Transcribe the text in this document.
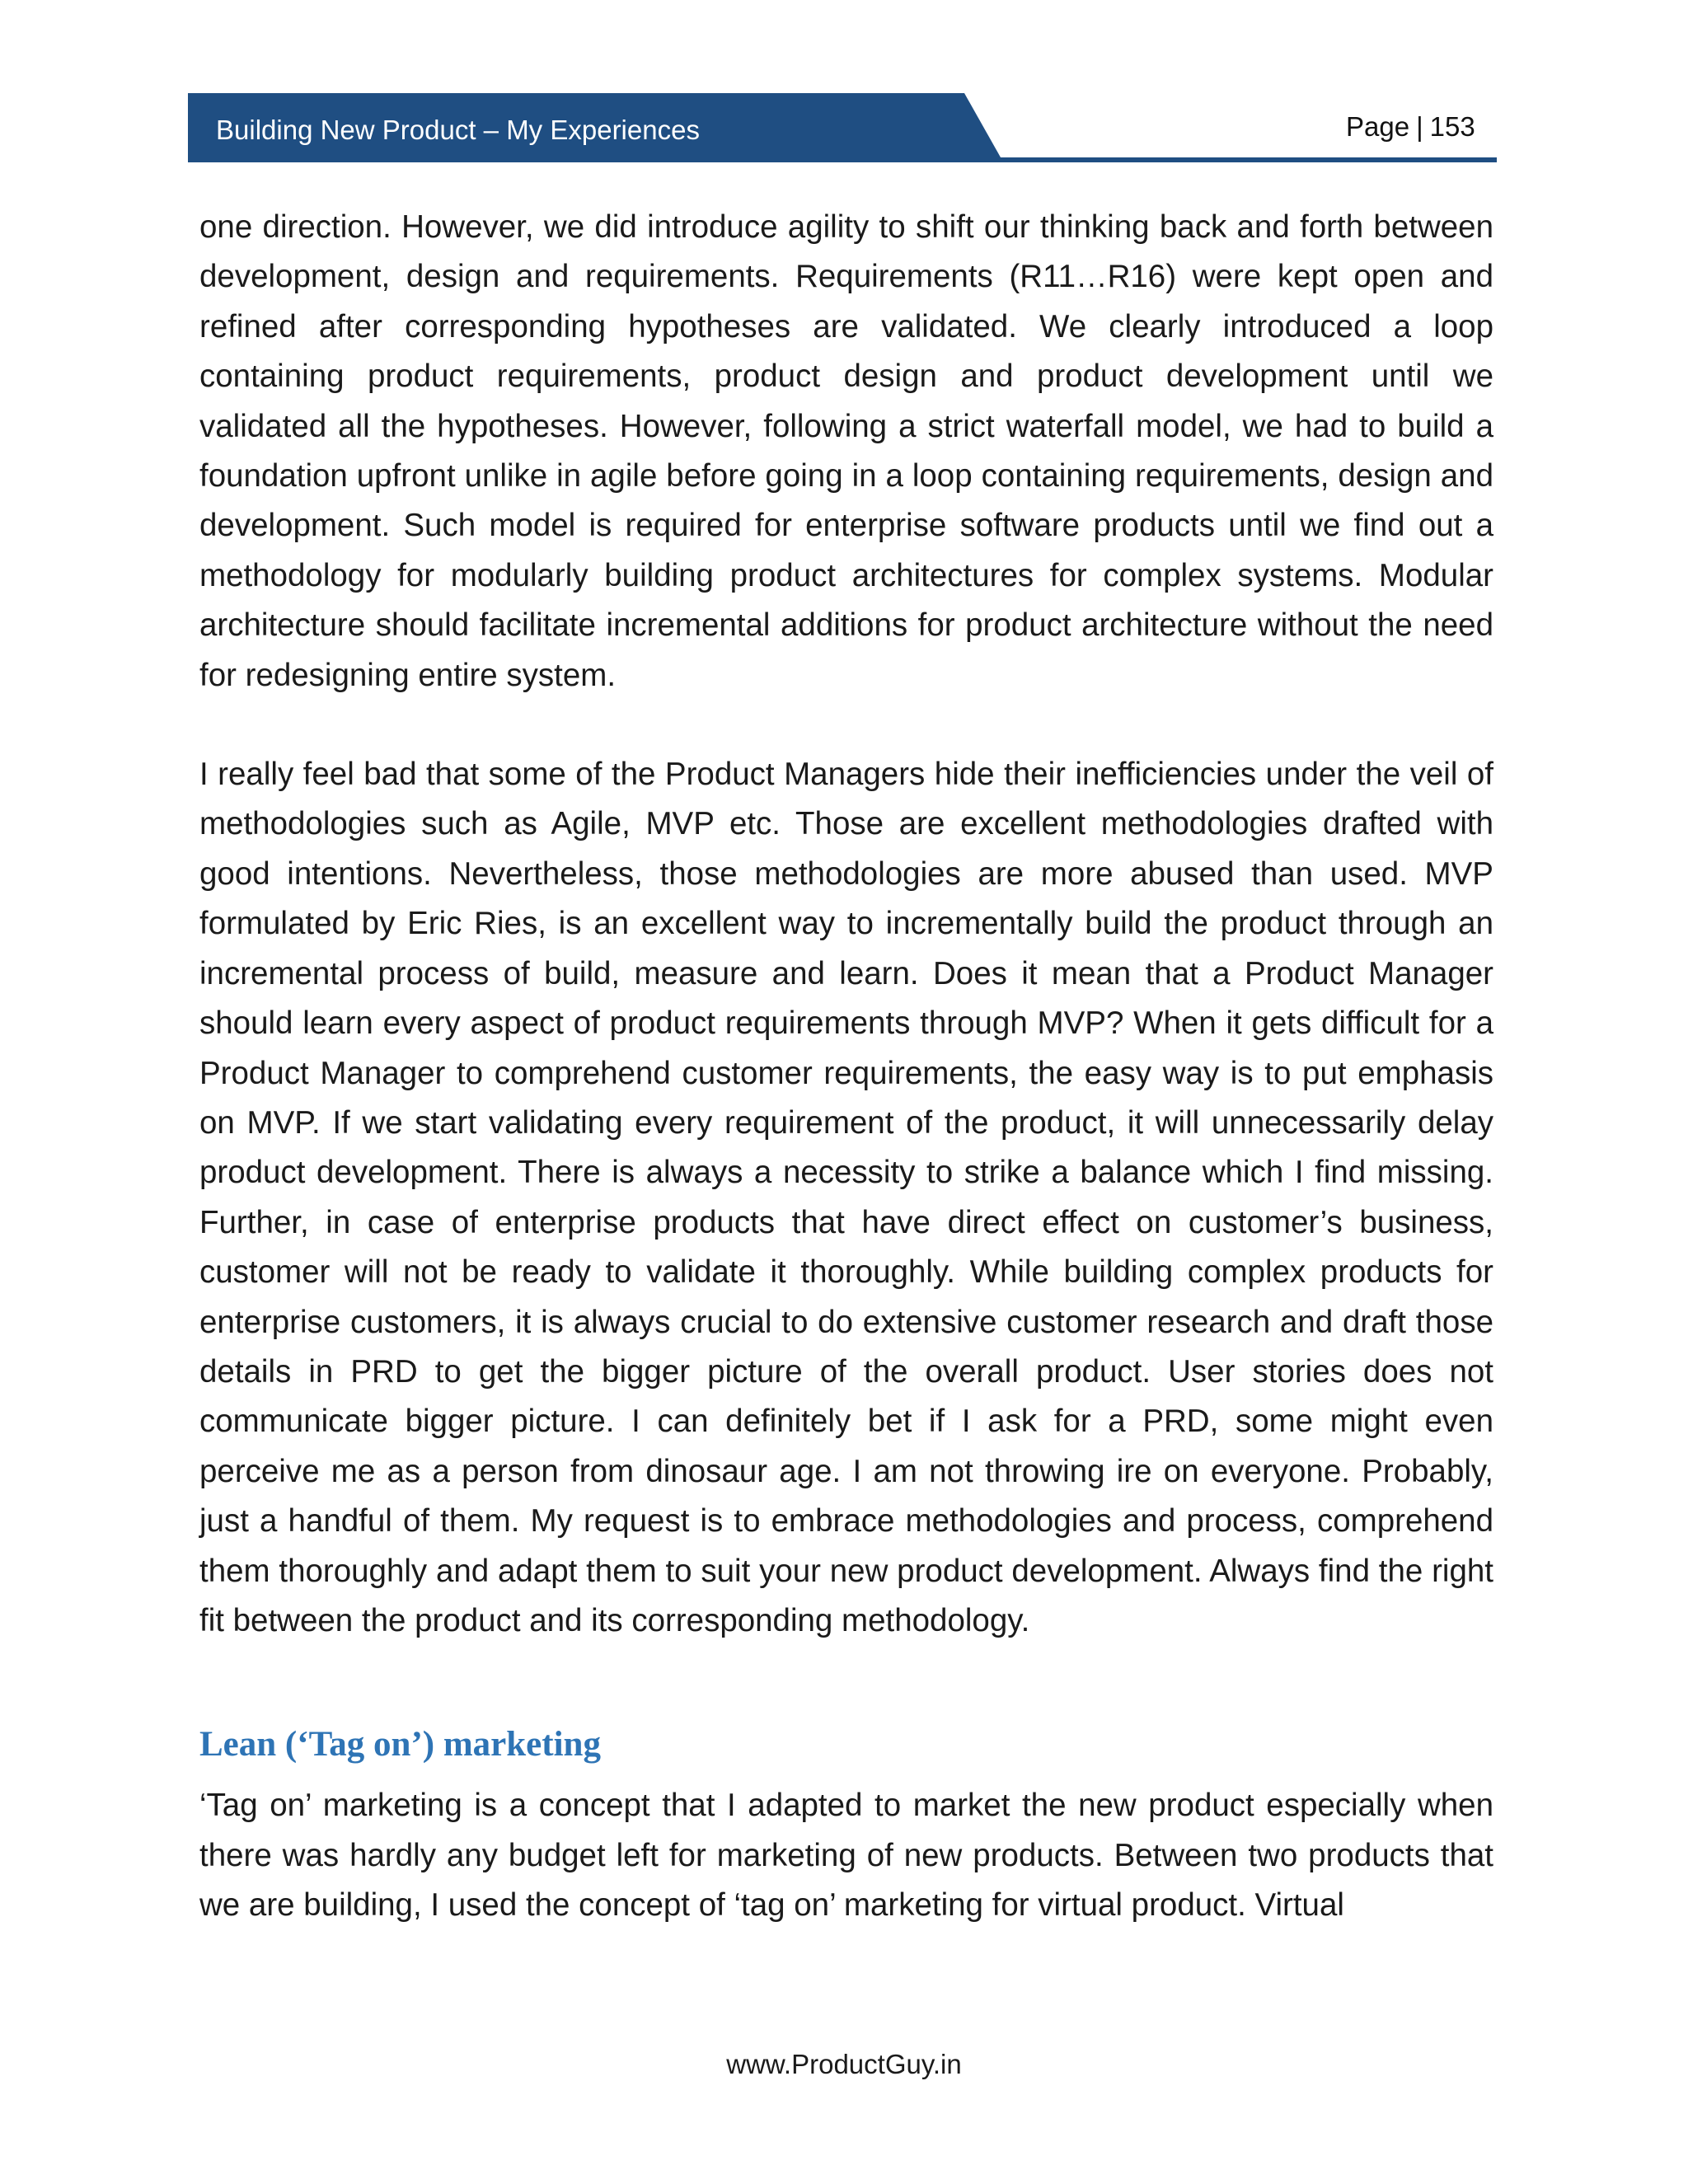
Building New Product – My Experiences	Page | 153

one direction. However, we did introduce agility to shift our thinking back and forth between development, design and requirements. Requirements (R11…R16) were kept open and refined after corresponding hypotheses are validated. We clearly introduced a loop containing product requirements, product design and product development until we validated all the hypotheses. However, following a strict waterfall model, we had to build a foundation upfront unlike in agile before going in a loop containing requirements, design and development. Such model is required for enterprise software products until we find out a methodology for modularly building product architectures for complex systems. Modular architecture should facilitate incremental additions for product architecture without the need for redesigning entire system.

I really feel bad that some of the Product Managers hide their inefficiencies under the veil of methodologies such as Agile, MVP etc. Those are excellent methodologies drafted with good intentions. Nevertheless, those methodologies are more abused than used. MVP formulated by Eric Ries, is an excellent way to incrementally build the product through an incremental process of build, measure and learn. Does it mean that a Product Manager should learn every aspect of product requirements through MVP? When it gets difficult for a Product Manager to comprehend customer requirements, the easy way is to put emphasis on MVP. If we start validating every requirement of the product, it will unnecessarily delay product development. There is always a necessity to strike a balance which I find missing. Further, in case of enterprise products that have direct effect on customer’s business, customer will not be ready to validate it thoroughly. While building complex products for enterprise customers, it is always crucial to do extensive customer research and draft those details in PRD to get the bigger picture of the overall product. User stories does not communicate bigger picture. I can definitely bet if I ask for a PRD, some might even perceive me as a person from dinosaur age. I am not throwing ire on everyone. Probably, just a handful of them. My request is to embrace methodologies and process, comprehend them thoroughly and adapt them to suit your new product development. Always find the right fit between the product and its corresponding methodology.

Lean (‘Tag on’) marketing

‘Tag on’ marketing is a concept that I adapted to market the new product especially when there was hardly any budget left for marketing of new products. Between two products that we are building, I used the concept of ‘tag on’ marketing for virtual product. Virtual

www.ProductGuy.in
